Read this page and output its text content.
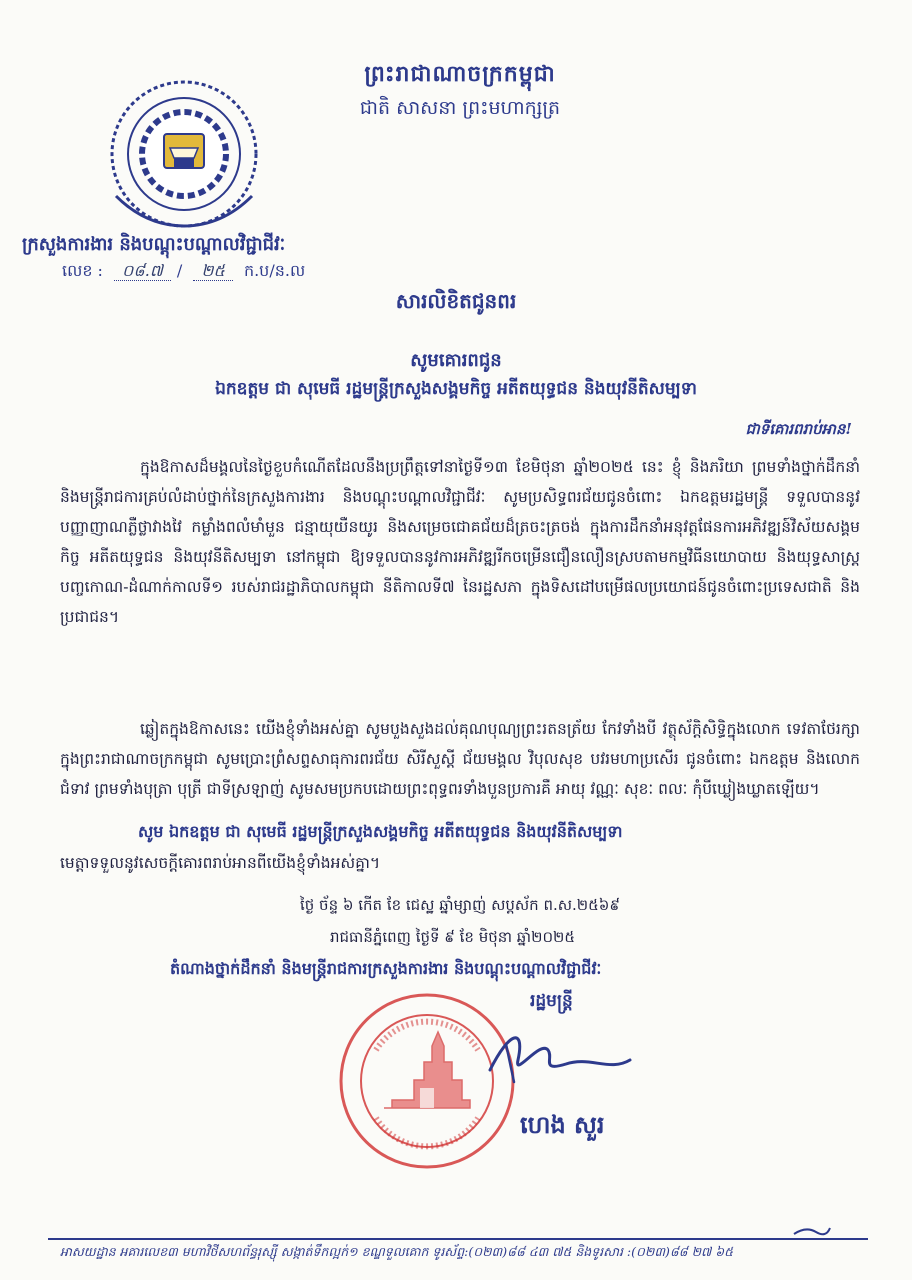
ព្រះរាជាណាចក្រកម្ពុជា
ជាតិ សាសនា ព្រះមហាក្សត្រ
ក្រសួងការងារ និងបណ្តុះបណ្តាលវិជ្ជាជីវៈ
លេខ : ០៨.៧ / ២៥ ក.ប/ន.ល
សារលិខិតជូនពរ
សូមគោរពជូន
ឯកឧត្តម ជា សុមេធី រដ្ឋមន្ត្រីក្រសួងសង្គមកិច្ច អតីតយុទ្ធជន និងយុវនីតិសម្បទា
ជាទីគោរពរាប់អាន!
ក្នុងឱកាសដ៏មង្គលនៃថ្ងៃខួបកំណើតដែលនឹងប្រព្រឹត្តទៅនាថ្ងៃទី១៣ ខែមិថុនា ឆ្នាំ២០២៥ នេះ ខ្ញុំ និងភរិយា ព្រមទាំងថ្នាក់ដឹកនាំ និងមន្ត្រីរាជការគ្រប់លំដាប់ថ្នាក់នៃក្រសួងការងារ និងបណ្តុះបណ្តាលវិជ្ជាជីវៈ សូមប្រសិទ្ធពរជ័យជូនចំពោះ ឯកឧត្តមរដ្ឋមន្ត្រី ទទួលបាននូវបញ្ញាញាណភ្លឺថ្លាវាងវៃ កម្លាំងពលំមាំមួន ជន្មាយុយឺនយូរ និងសម្រេចជោគជ័យដ៏ត្រចះត្រចង់ ក្នុងការដឹកនាំអនុវត្តផែនការអភិវឌ្ឍន៍វិស័យសង្គមកិច្ច អតីតយុទ្ធជន និងយុវនីតិសម្បទា នៅកម្ពុជា ឱ្យទទួលបាននូវការអភិវឌ្ឍរីកចម្រើនជឿនលឿនស្របតាមកម្មវិធីនយោបាយ និងយុទ្ធសាស្ត្របញ្ចកោណ-ដំណាក់កាលទី១ របស់រាជរដ្ឋាភិបាលកម្ពុជា នីតិកាលទី៧ នៃរដ្ឋសភា ក្នុងទិសដៅបម្រើផលប្រយោជន៍ជូនចំពោះប្រទេសជាតិ និងប្រជាជន។
ឆ្លៀតក្នុងឱកាសនេះ យើងខ្ញុំទាំងអស់គ្នា សូមបួងសួងដល់គុណបុណ្យព្រះរតនត្រ័យ កែវទាំងបី វត្ថុស័ក្តិសិទ្ធិក្នុងលោក ទេវតាថែរក្សាក្នុងព្រះរាជាណាចក្រកម្ពុជា សូមប្រោះព្រំសព្ទសាធុការពរជ័យ សិរីសួស្តី ជ័យមង្គល វិបុលសុខ បវរមហាប្រសើរ ជូនចំពោះ ឯកឧត្តម និងលោកជំទាវ ព្រមទាំងបុត្រា បុត្រី ជាទីស្រឡាញ់ សូមសមប្រកបដោយព្រះពុទ្ធពរទាំងបួនប្រការគឺ អាយុ វណ្ណៈ សុខៈ ពលៈ កុំបីឃ្លៀងឃ្លាតឡើយ។
សូម ឯកឧត្តម ជា សុមេធី រដ្ឋមន្ត្រីក្រសួងសង្គមកិច្ច អតីតយុទ្ធជន និងយុវនីតិសម្បទា
មេត្តាទទួលនូវសេចក្តីគោរពរាប់អានពីយើងខ្ញុំទាំងអស់គ្នា។
ថ្ងៃ ច័ន្ទ ៦ កើត ខែ ជេស្ឋ ឆ្នាំម្សាញ់ សប្តស័ក ព.ស.២៥៦៩
រាជធានីភ្នំពេញ ថ្ងៃទី ៩ ខែ មិថុនា ឆ្នាំ២០២៥
តំណាងថ្នាក់ដឹកនាំ និងមន្ត្រីរាជការក្រសួងការងារ និងបណ្តុះបណ្តាលវិជ្ជាជីវៈ
រដ្ឋមន្ត្រី
ហេង សួរ
អាសយដ្ឋាន អគារលេខ៣ មហាវិថីសហព័ន្ធរុស្ស៊ី សង្កាត់ទឹកល្អក់១ ខណ្ឌទួលគោក ទូរស័ព្ទ:(០២៣)៨៨ ៤៣ ៧៥ និងទូរសារ :(០២៣)៨៨ ២៧ ៦៥
